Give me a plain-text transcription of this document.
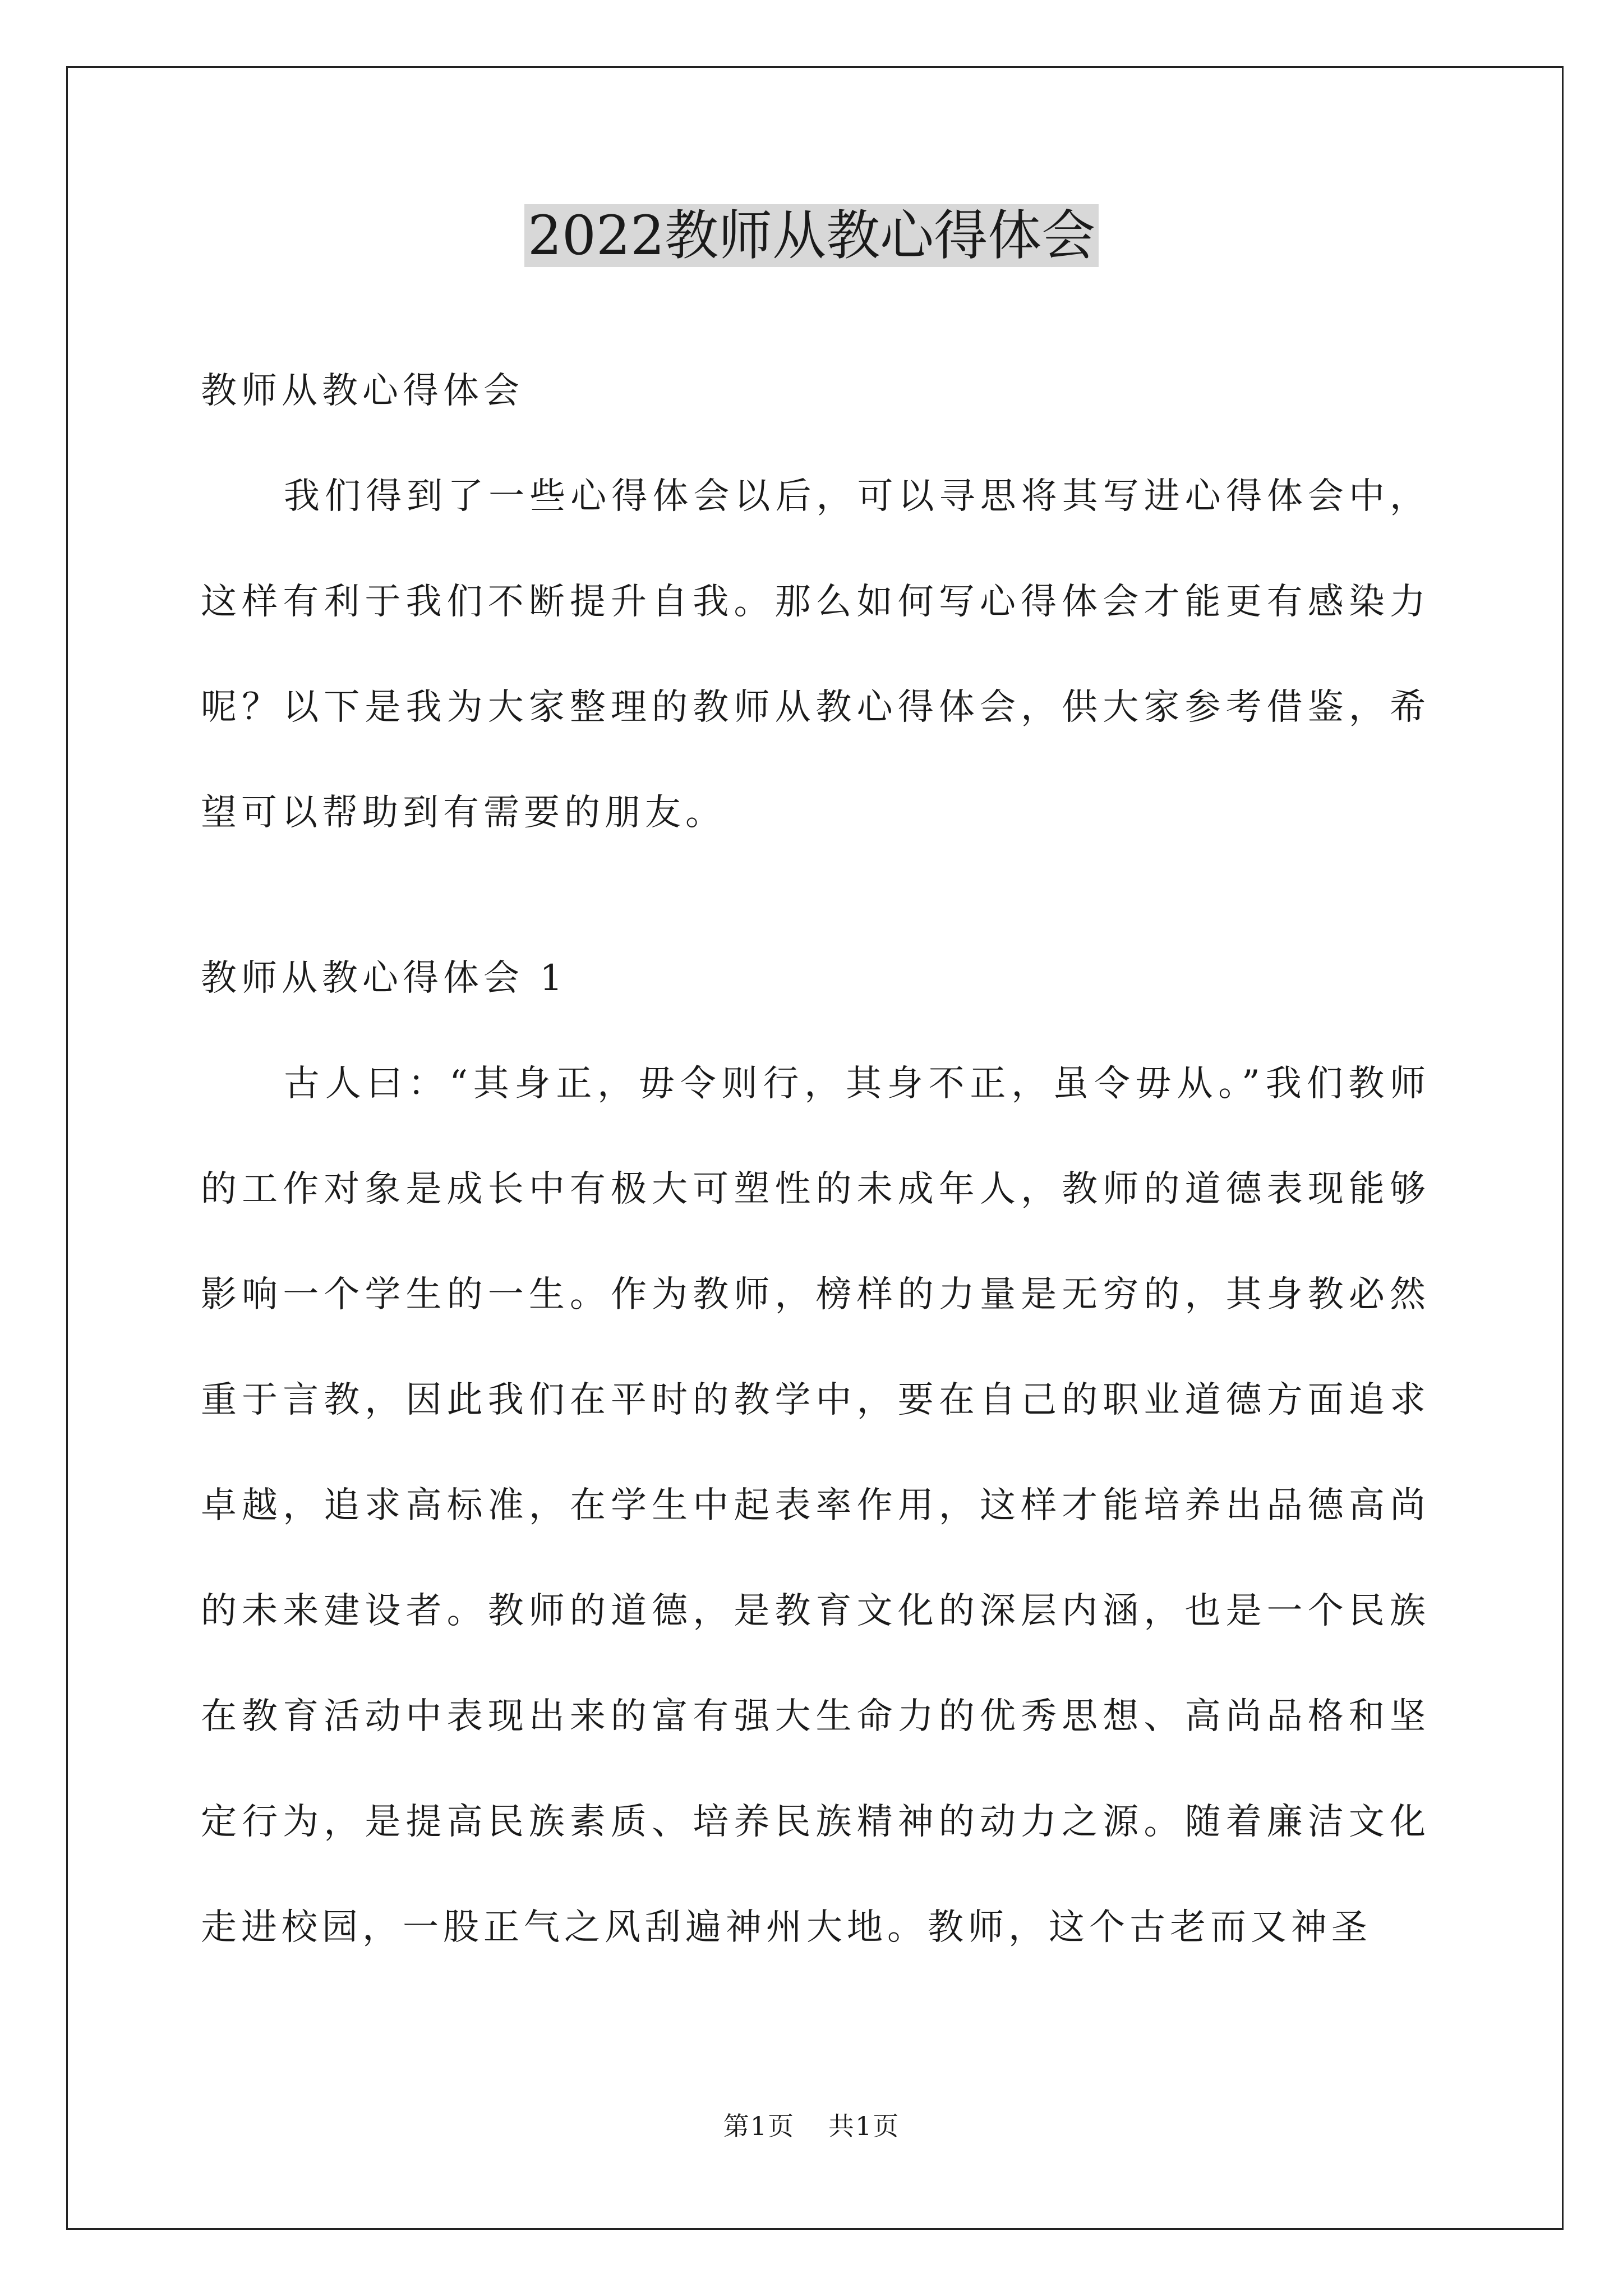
2022教师从教心得体会

教师从教心得体会

我们得到了一些心得体会以后，可以寻思将其写进心得体会中，这样有利于我们不断提升自我。那么如何写心得体会才能更有感染力呢？以下是我为大家整理的教师从教心得体会，供大家参考借鉴，希望可以帮助到有需要的朋友。

教师从教心得体会 1

古人曰：“其身正，毋令则行，其身不正，虽令毋从。”我们教师的工作对象是成长中有极大可塑性的未成年人，教师的道德表现能够影响一个学生的一生。作为教师，榜样的力量是无穷的，其身教必然重于言教，因此我们在平时的教学中，要在自己的职业道德方面追求卓越，追求高标准，在学生中起表率作用，这样才能培养出品德高尚的未来建设者。教师的道德，是教育文化的深层内涵，也是一个民族在教育活动中表现出来的富有强大生命力的优秀思想、高尚品格和坚定行为，是提高民族素质、培养民族精神的动力之源。随着廉洁文化走进校园，一股正气之风刮遍神州大地。教师，这个古老而又神圣

第1页 共1页
